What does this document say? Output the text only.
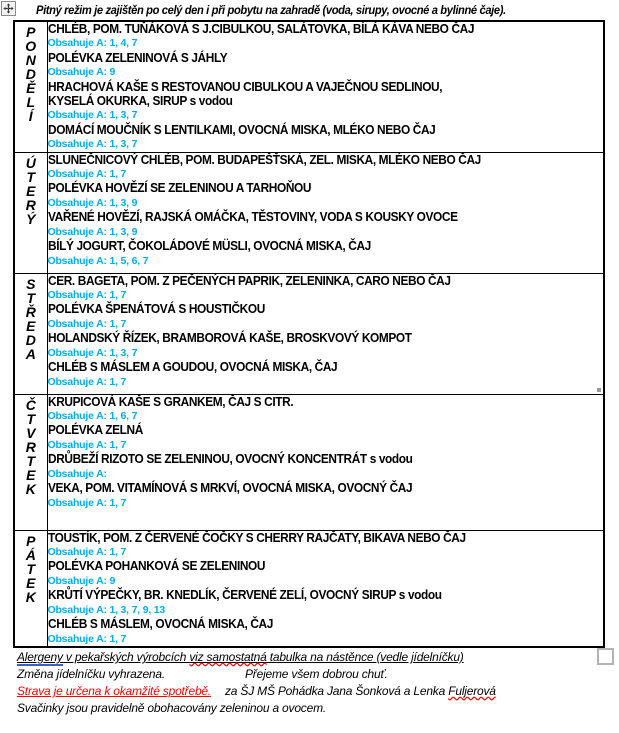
Pitný režim je zajištěn po celý den i při pobytu na zahradě (voda, sirupy, ovocné a bylinné čaje).
P
O
N
D
Ě
L
Í

CHLÉB, POM. TUŇÁKOVÁ S J.CIBULKOU, SALÁTOVKA, BÍLÁ KÁVA NEBO ČAJ
Obsahuje A: 1, 4, 7
POLÉVKA ZELENINOVÁ S JÁHLY
Obsahuje A: 9
HRACHOVÁ KAŠE S RESTOVANOU CIBULKOU A VAJEČNOU SEDLINOU,
KYSELÁ OKURKA, SIRUP s vodou
Obsahuje A: 1, 3, 7
DOMÁCÍ MOUČNÍK S LENTILKAMI, OVOCNÁ MISKA, MLÉKO NEBO ČAJ
Obsahuje A: 1, 3, 7

Ú
T
E
R
Ý

SLUNEČNICOVÝ CHLÉB, POM. BUDAPEŠŤSKÁ, ZEL. MISKA, MLÉKO NEBO ČAJ
Obsahuje A: 1, 7
POLÉVKA HOVĚZÍ SE ZELENINOU A TARHOŇOU
Obsahuje A: 1, 3, 9
VAŘENÉ HOVĚZÍ, RAJSKÁ OMÁČKA, TĚSTOVINY, VODA S KOUSKY OVOCE
Obsahuje A: 1, 3, 9
BÍLÝ JOGURT, ČOKOLÁDOVÉ MÜSLI, OVOCNÁ MISKA, ČAJ
Obsahuje A: 1, 5, 6, 7

S
T
Ř
E
D
A

CER. BAGETA, POM. Z PEČENÝCH PAPRIK, ZELENINKA, CARO NEBO ČAJ
Obsahuje A: 1, 7
POLÉVKA ŠPENÁTOVÁ S HOUSTIČKOU
Obsahuje A: 1, 7
HOLANDSKÝ ŘÍZEK, BRAMBOROVÁ KAŠE, BROSKVOVÝ KOMPOT
Obsahuje A: 1, 3, 7
CHLÉB S MÁSLEM A GOUDOU, OVOCNÁ MISKA, ČAJ
Obsahuje A: 1, 7

Č
T
V
R
T
E
K

KRUPICOVÁ KAŠE S GRANKEM, ČAJ S CITR.
Obsahuje A: 1, 6, 7
POLÉVKA ZELNÁ
Obsahuje A: 1, 7
DRŮBEŽÍ RIZOTO SE ZELENINOU, OVOCNÝ KONCENTRÁT s vodou
Obsahuje A:
VEKA, POM. VITAMÍNOVÁ S MRKVÍ, OVOCNÁ MISKA, OVOCNÝ ČAJ
Obsahuje A: 1, 7

P
Á
T
E
K

TOUSTÍK, POM. Z ČERVENÉ ČOČKY S CHERRY RAJČATY, BIKAVA NEBO ČAJ
Obsahuje A: 1, 7
POLÉVKA POHANKOVÁ SE ZELENINOU
Obsahuje A: 9
KRŮTÍ VÝPEČKY, BR. KNEDLÍK, ČERVENÉ ZELÍ, OVOCNÝ SIRUP s vodou
Obsahuje A: 1, 3, 7, 9, 13
CHLÉB S MÁSLEM, OVOCNÁ MISKA, ČAJ
Obsahuje A: 1, 7
Alergeny v pekařských výrobcích viz samostatná tabulka na nástěnce (vedle jídelníčku)
Změna jídelníčku vyhrazena.	Přejeme všem dobrou chuť.
Strava je určena k okamžité spotřebě. za ŠJ MŠ Pohádka Jana Šonková a Lenka Fuljerová
Svačinky jsou pravidelně obohacovány zeleninou a ovocem.
